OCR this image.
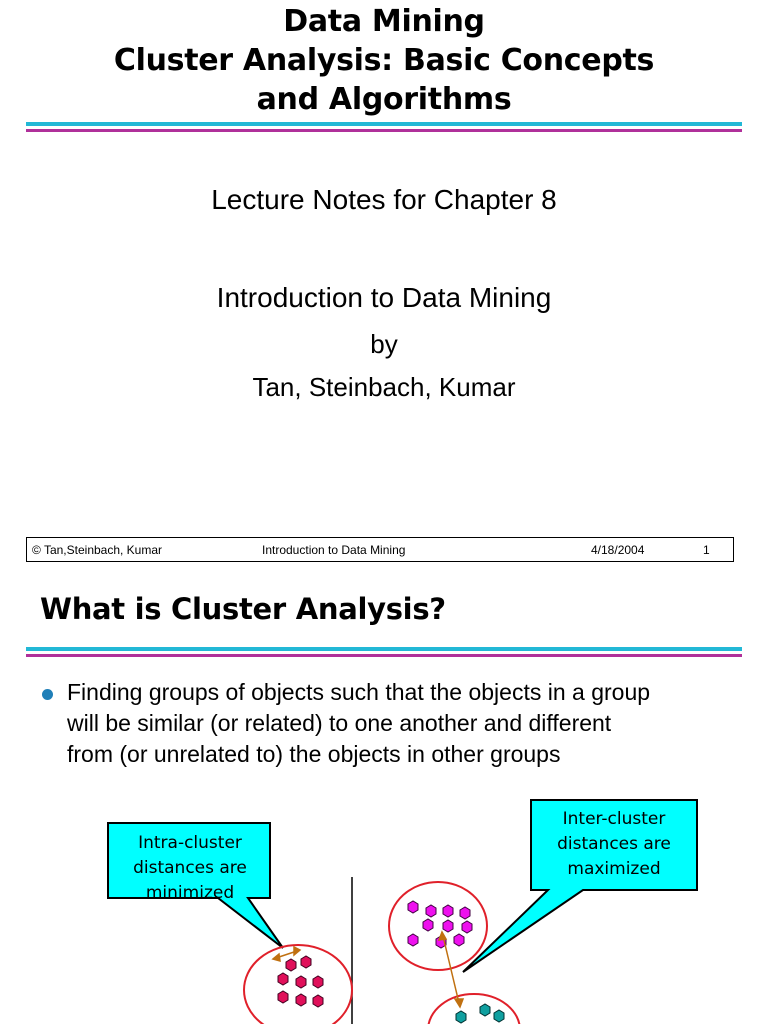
Data Mining
Cluster Analysis: Basic Concepts
and Algorithms
Lecture Notes for Chapter 8
Introduction to Data Mining
by
Tan, Steinbach, Kumar
© Tan,Steinbach, Kumar	Introduction to Data Mining	4/18/2004	1
What is Cluster Analysis?

Finding groups of objects such that the objects in a group
will be similar (or related) to one another and different
from (or unrelated to) the objects in other groups

Intra-cluster
distances are
minimized
Inter-cluster
distances are
maximized
